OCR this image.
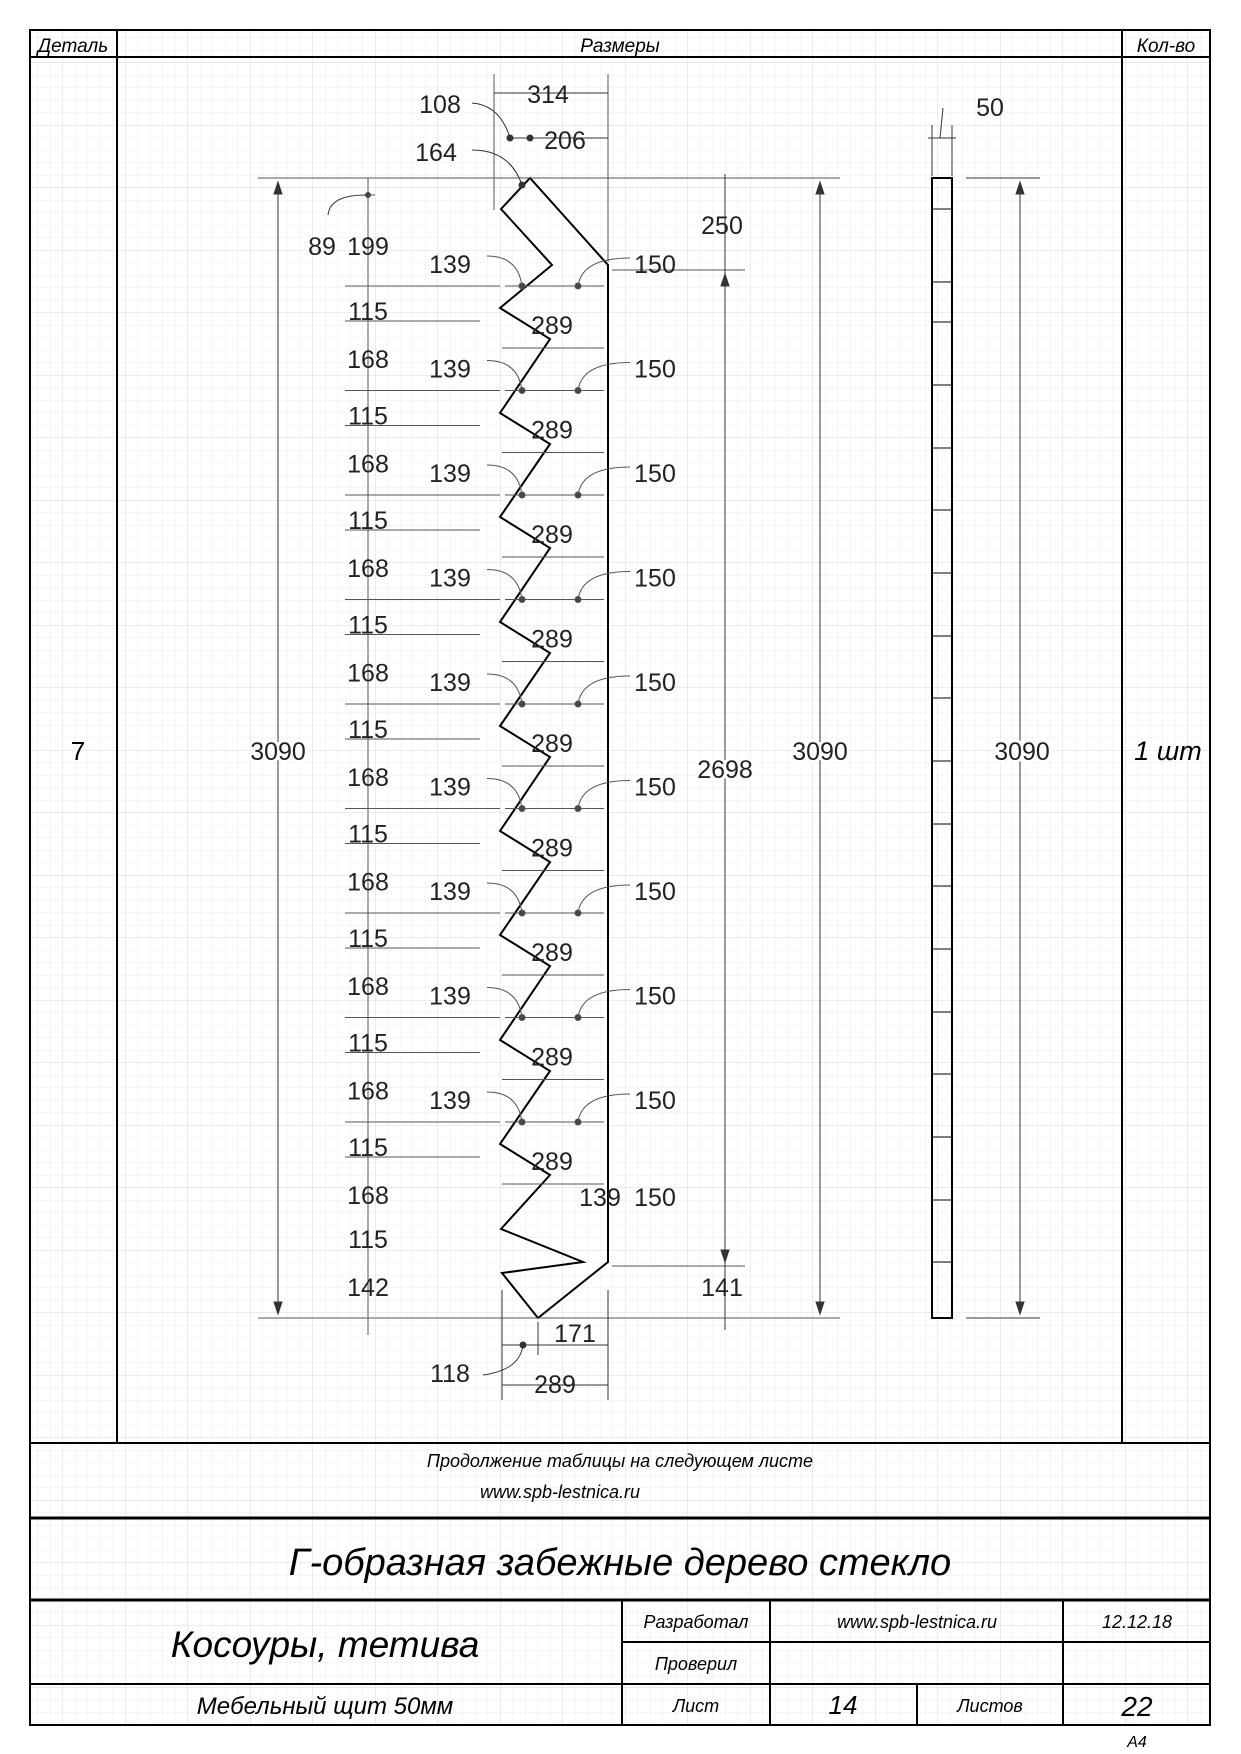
Деталь	Размеры	Кол-во
7	1 шт
108	314
164	206
250
89 199
50
139	150
115	289
168 139	150
115	289
168 139	150
115	289
168 139	150
115	289
168 139	150
115	289
168 139	150
115	289
168 139	150
115	289
168 139	150
115	289
168 139	150
115	289
168	139 150
115
142	141
171
118	289
3090
2698
3090	3090
Продолжение таблицы на следующем листе
www.spb-lestnica.ru
Г-образная забежные дерево стекло
Косоуры, тетива
Мебельный щит 50мм
Разработал	www.spb-lestnica.ru	12.12.18
Проверил
Лист	14	Листов	22
А4
